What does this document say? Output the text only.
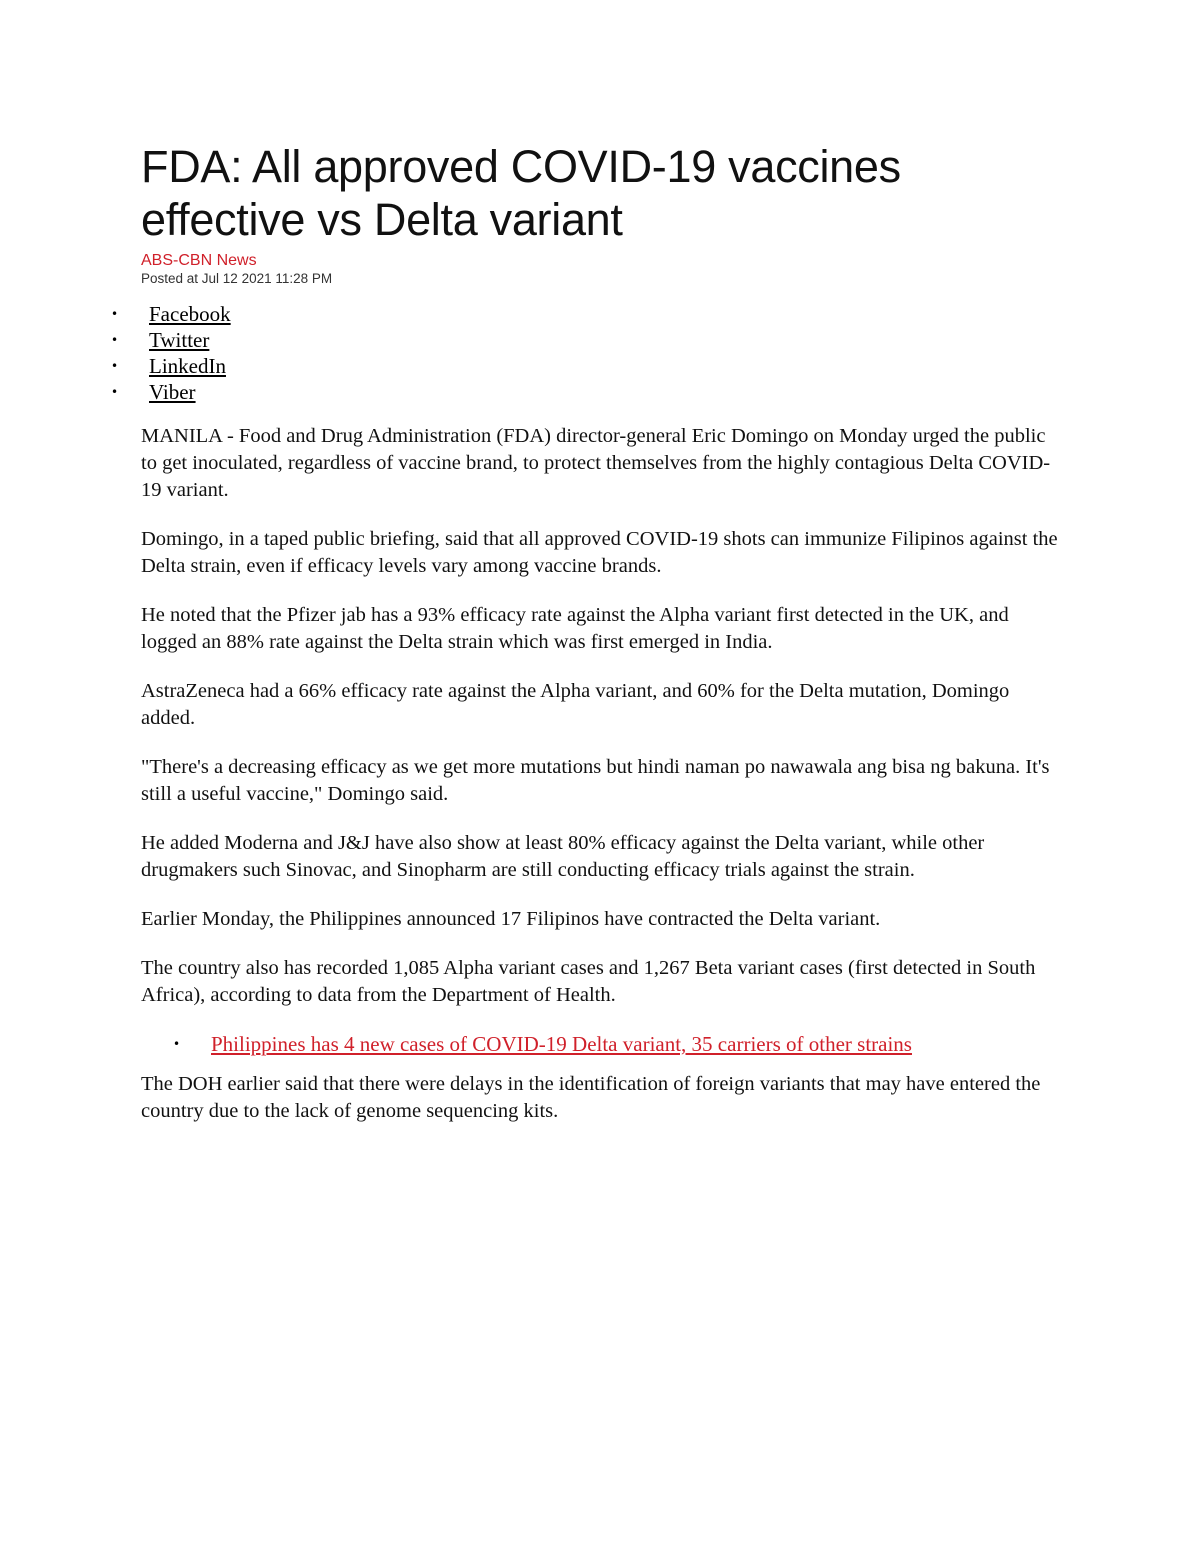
FDA: All approved COVID-19 vaccines effective vs Delta variant
ABS-CBN News
Posted at Jul 12 2021 11:28 PM
• Facebook
• Twitter
• LinkedIn
• Viber

MANILA - Food and Drug Administration (FDA) director-general Eric Domingo on Monday urged the public to get inoculated, regardless of vaccine brand, to protect themselves from the highly contagious Delta COVID-19 variant.

Domingo, in a taped public briefing, said that all approved COVID-19 shots can immunize Filipinos against the Delta strain, even if efficacy levels vary among vaccine brands.

He noted that the Pfizer jab has a 93% efficacy rate against the Alpha variant first detected in the UK, and logged an 88% rate against the Delta strain which was first emerged in India.

AstraZeneca had a 66% efficacy rate against the Alpha variant, and 60% for the Delta mutation, Domingo added.

"There's a decreasing efficacy as we get more mutations but hindi naman po nawawala ang bisa ng bakuna. It's still a useful vaccine," Domingo said.

He added Moderna and J&J have also show at least 80% efficacy against the Delta variant, while other drugmakers such Sinovac, and Sinopharm are still conducting efficacy trials against the strain.

Earlier Monday, the Philippines announced 17 Filipinos have contracted the Delta variant.

The country also has recorded 1,085 Alpha variant cases and 1,267 Beta variant cases (first detected in South Africa), according to data from the Department of Health.

• Philippines has 4 new cases of COVID-19 Delta variant, 35 carriers of other strains

The DOH earlier said that there were delays in the identification of foreign variants that may have entered the country due to the lack of genome sequencing kits.
